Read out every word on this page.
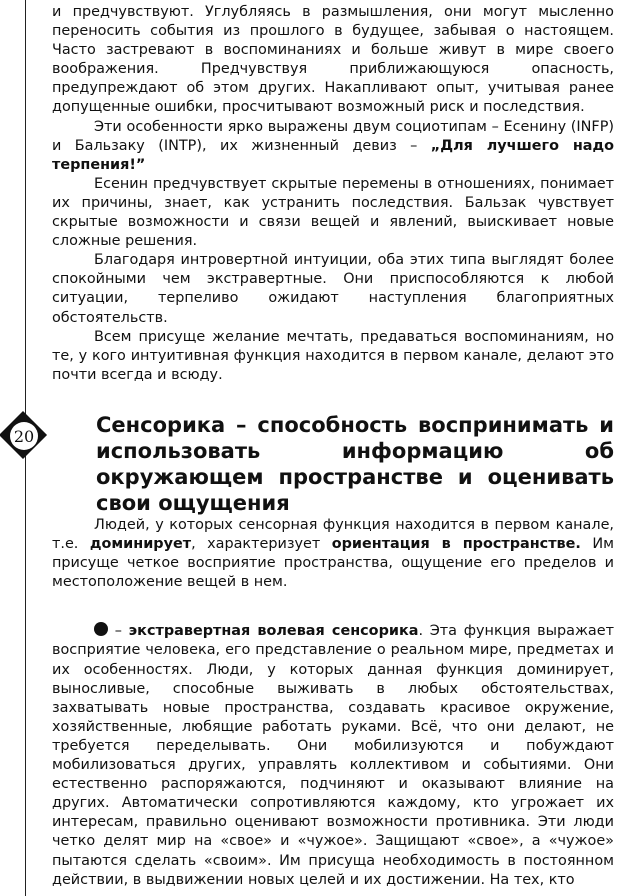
20

и предчувствуют. Углубляясь в размышления, они могут мысленно переносить события из прошлого в будущее, забывая о настоящем. Часто застревают в воспоминаниях и больше живут в мире своего воображения. Предчувствуя приближающуюся опасность, предупреждают об этом других. Накапливают опыт, учитывая ранее допущенные ошибки, просчитывают возможный риск и последствия.

Эти особенности ярко выражены двум социотипам – Есенину (INFP) и Бальзаку (INTP), их жизненный девиз – „Для лучшего надо терпения!”

Есенин предчувствует скрытые перемены в отношениях, понимает их причины, знает, как устранить последствия. Бальзак чувствует скрытые возможности и связи вещей и явлений, выискивает новые сложные решения.

Благодаря интровертной интуиции, оба этих типа выглядят более спокойными чем экстравертные. Они приспособляются к любой ситуации, терпеливо ожидают наступления благоприятных обстоятельств.

Всем присуще желание мечтать, предаваться воспоминаниям, но те, у кого интуитивная функция находится в первом канале, делают это почти всегда и всюду.

Сенсорика – способность воспринимать и использовать информацию об окружающем пространстве и оценивать свои ощущения

Людей, у которых сенсорная функция находится в первом канале, т.е. доминирует, характеризует ориентация в пространстве. Им присуще четкое восприятие пространства, ощущение его пределов и местоположение вещей в нем.

– экстравертная волевая сенсорика. Эта функция выражает восприятие человека, его представление о реальном мире, предметах и их особенностях. Люди, у которых данная функция доминирует, выносливые, способные выживать в любых обстоятельствах, захватывать новые пространства, создавать красивое окружение, хозяйственные, любящие работать руками. Всё, что они делают, не требуется переделывать. Они мобилизуются и побуждают мобилизоваться других, управлять коллективом и событиями. Они естественно распоряжаются, подчиняют и оказывают влияние на других. Автоматически сопротивляются каждому, кто угрожает их интересам, правильно оценивают возможности противника. Эти люди четко делят мир на «свое» и «чужое». Защищают «свое», а «чужое» пытаются сделать «своим». Им присуща необходимость в постоянном действии, в выдвижении новых целей и их достижении. На тех, кто
